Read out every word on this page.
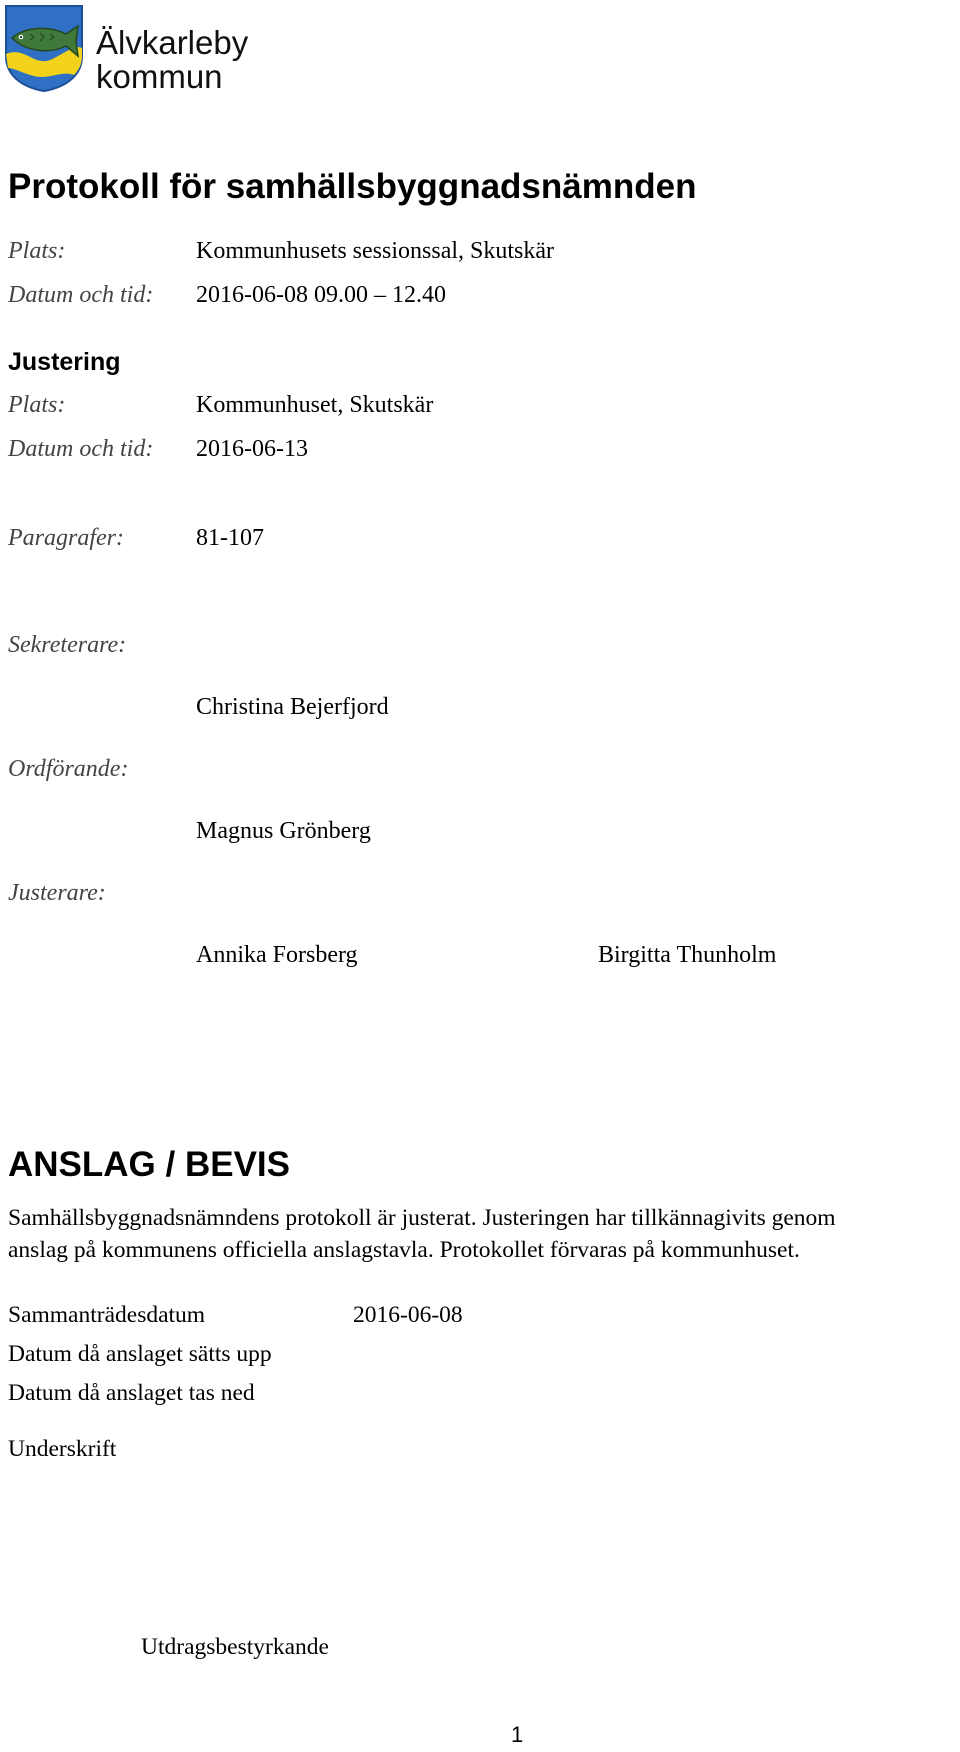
Älvkarleby
kommun
Protokoll för samhällsbyggnadsnämnden
Plats:	Kommunhusets sessionssal, Skutskär
Datum och tid: 2016-06-08 09.00 – 12.40
Justering
Plats:	Kommunhuset, Skutskär
Datum och tid: 2016-06-13
Paragrafer:	81-107
Sekreterare:
Christina Bejerfjord
Ordförande:
Magnus Grönberg
Justerare:
Annika Forsberg	Birgitta Thunholm
ANSLAG / BEVIS
Samhällsbyggnadsnämndens protokoll är justerat. Justeringen har tillkännagivits genom
anslag på kommunens officiella anslagstavla. Protokollet förvaras på kommunhuset.
Sammanträdesdatum	2016-06-08
Datum då anslaget sätts upp
Datum då anslaget tas ned
Underskrift
Utdragsbestyrkande
1
